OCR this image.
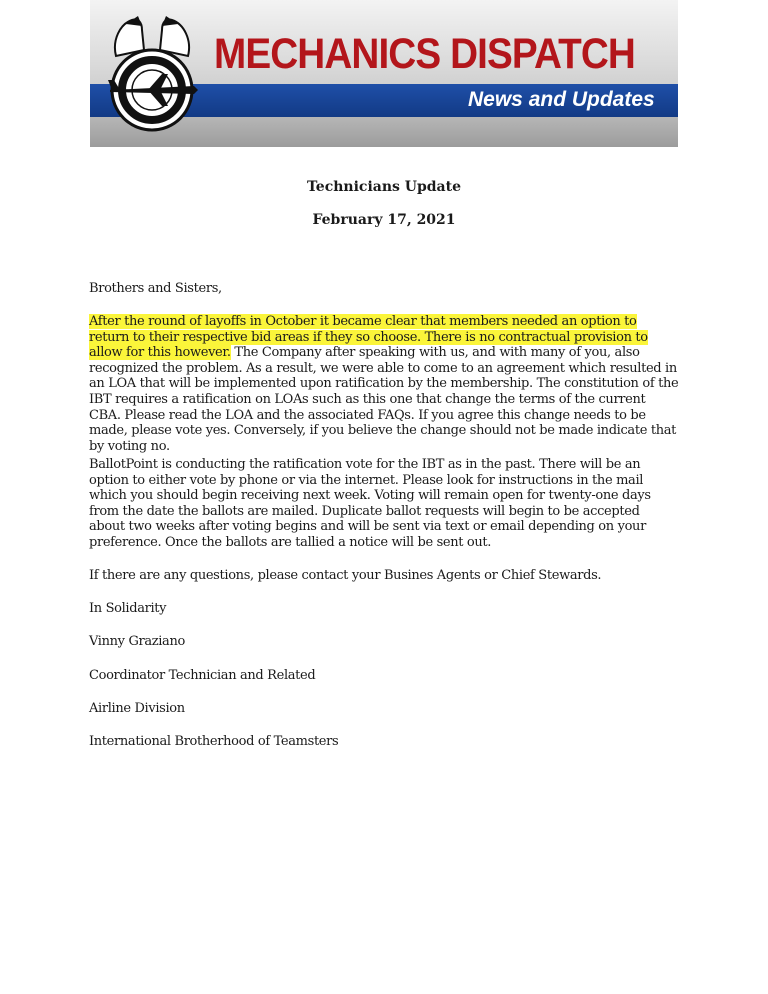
MECHANICS DISPATCH
News and Updates
Technicians Update
February 17, 2021
Brothers and Sisters,
After the round of layoffs in October it became clear that members needed an option to return to their respective bid areas if they so choose. There is no contractual provision to allow for this however. The Company after speaking with us, and with many of you, also recognized the problem. As a result, we were able to come to an agreement which resulted in an LOA that will be implemented upon ratification by the membership. The constitution of the IBT requires a ratification on LOAs such as this one that change the terms of the current CBA. Please read the LOA and the associated FAQs. If you agree this change needs to be made, please vote yes. Conversely, if you believe the change should not be made indicate that by voting no.
BallotPoint is conducting the ratification vote for the IBT as in the past. There will be an option to either vote by phone or via the internet. Please look for instructions in the mail which you should begin receiving next week. Voting will remain open for twenty-one days from the date the ballots are mailed. Duplicate ballot requests will begin to be accepted about two weeks after voting begins and will be sent via text or email depending on your preference. Once the ballots are tallied a notice will be sent out.
If there are any questions, please contact your Busines Agents or Chief Stewards.
In Solidarity
Vinny Graziano
Coordinator Technician and Related
Airline Division
International Brotherhood of Teamsters
